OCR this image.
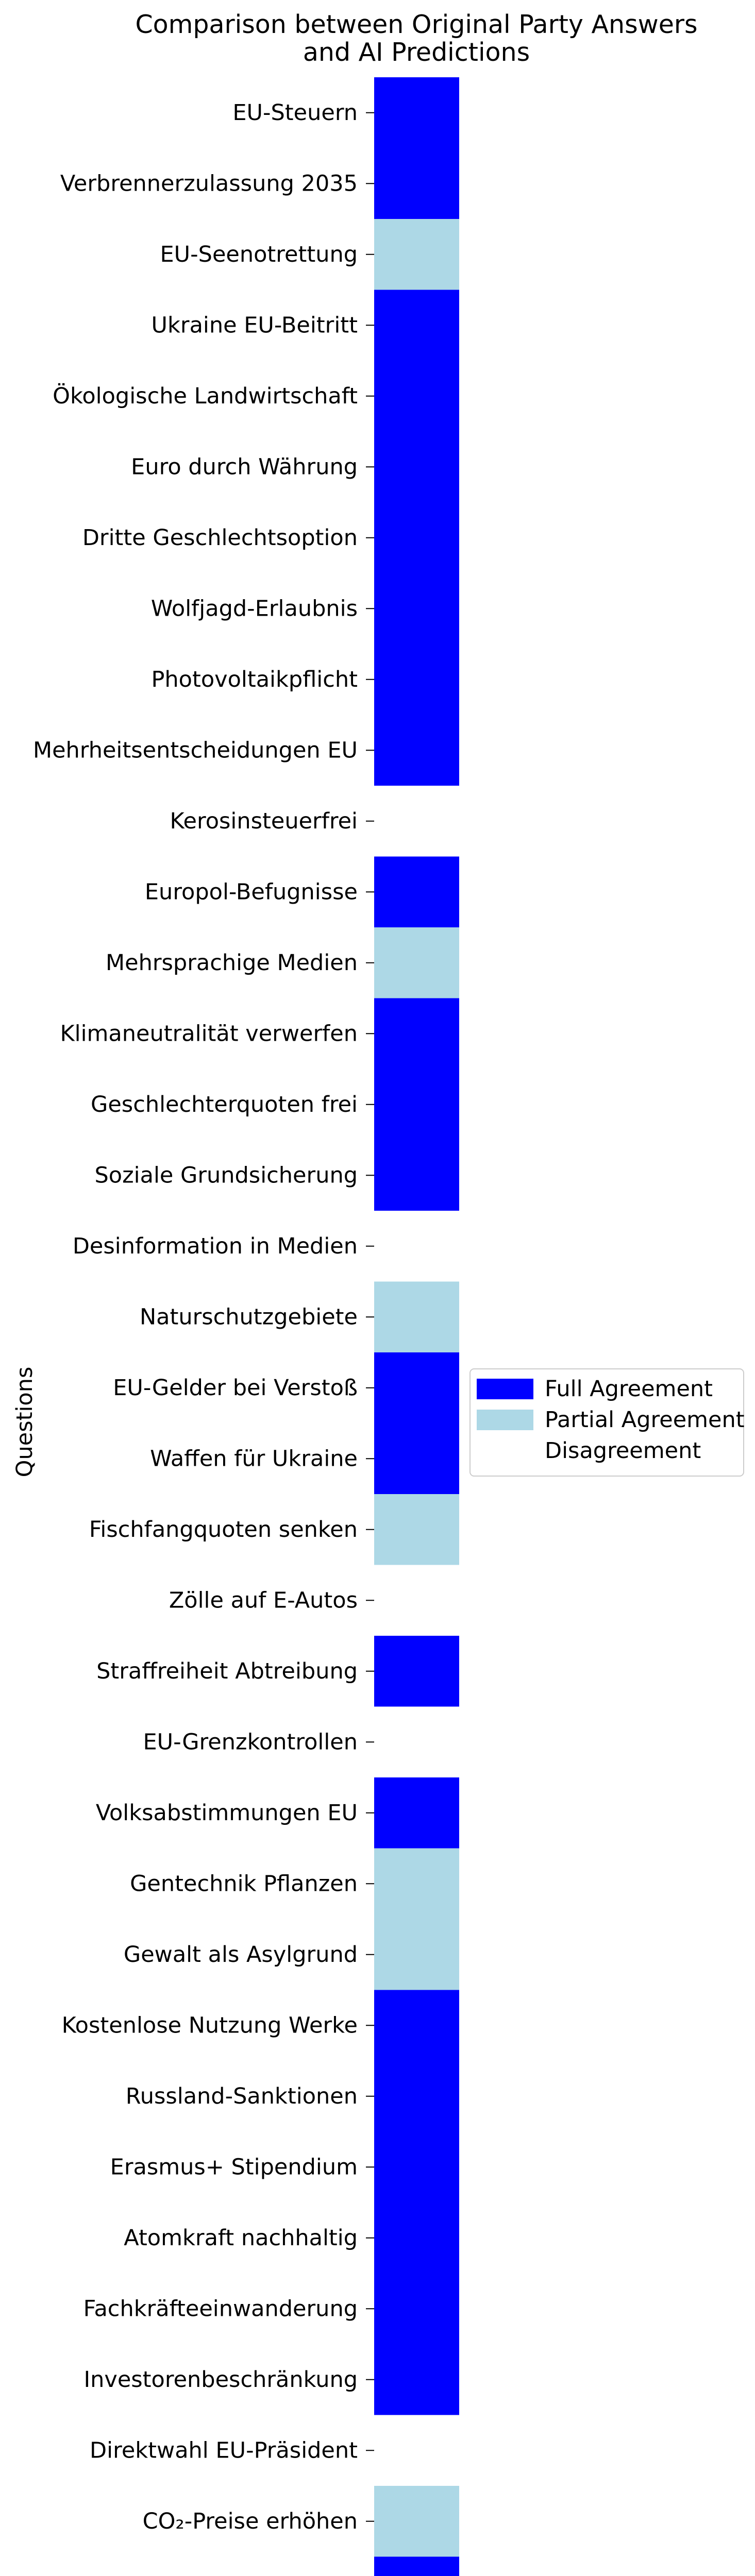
Comparison between Original Party Answers
and AI Predictions
EU-Steuern
Verbrennerzulassung 2035
EU-Seenotrettung
Ukraine EU-Beitritt
Ökologische Landwirtschaft
Euro durch Währung
Dritte Geschlechtsoption
Wolfjagd-Erlaubnis
Photovoltaikpflicht
Mehrheitsentscheidungen EU
Kerosinsteuerfrei
Europol-Befugnisse
Mehrsprachige Medien
Klimaneutralität verwerfen
Geschlechterquoten frei
Soziale Grundsicherung
Desinformation in Medien
Naturschutzgebiete
EU-Gelder bei Verstoß
Waffen für Ukraine
Fischfangquoten senken
Zölle auf E-Autos
Straffreiheit Abtreibung
EU-Grenzkontrollen
Volksabstimmungen EU
Gentechnik Pflanzen
Gewalt als Asylgrund
Kostenlose Nutzung Werke
Russland-Sanktionen
Erasmus+ Stipendium
Atomkraft nachhaltig
Fachkräfteeinwanderung
Investorenbeschränkung
Direktwahl EU-Präsident
CO₂-Preise erhöhen
Questions	Full Agreement
Partial Agreement
Disagreement
